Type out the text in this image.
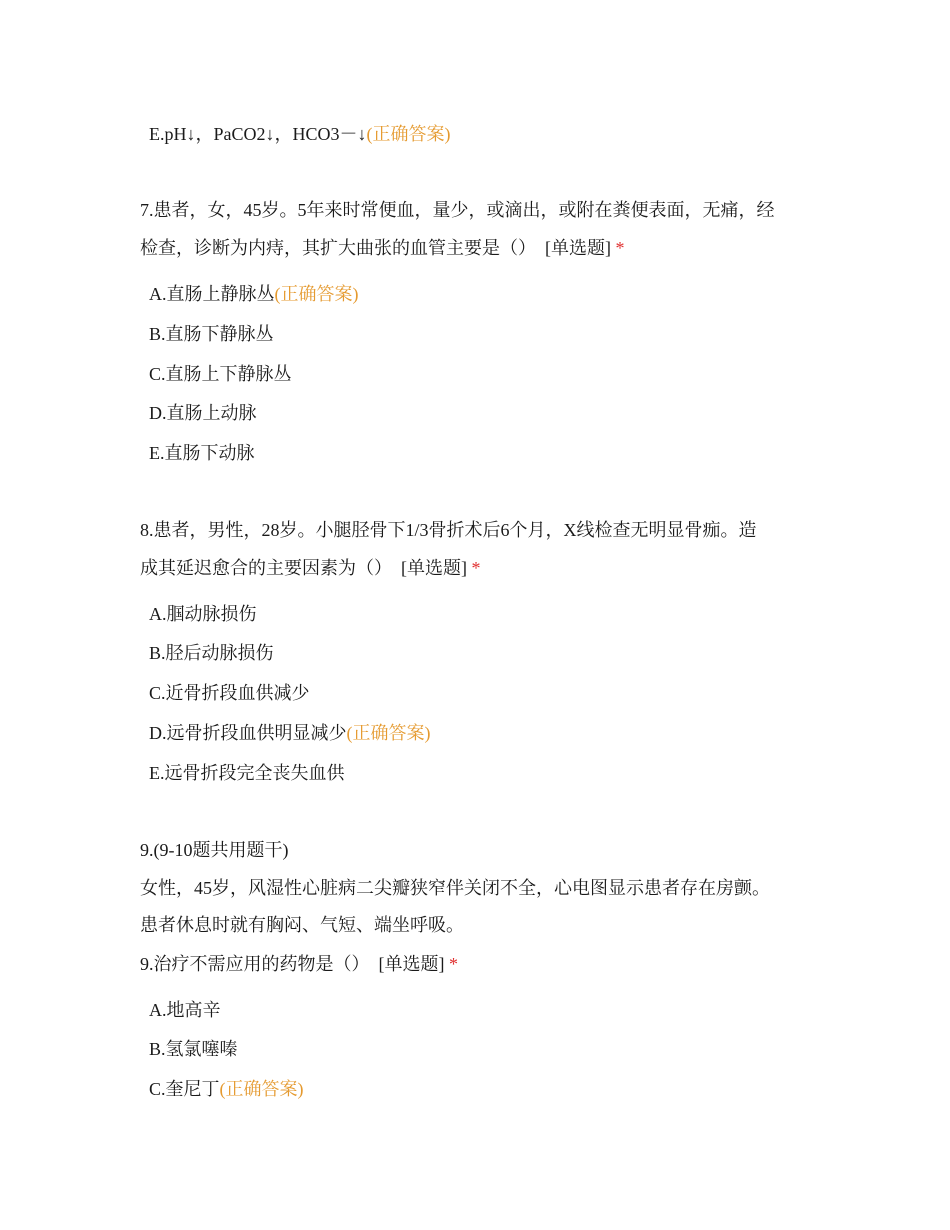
E.pH↓，PaCO2↓，HCO3－↓(正确答案)
7.患者，女，45岁。5年来时常便血，量少，或滴出，或附在粪便表面，无痛，经
检查，诊断为内痔，其扩大曲张的血管主要是（） [单选题] *
A.直肠上静脉丛(正确答案)
B.直肠下静脉丛
C.直肠上下静脉丛
D.直肠上动脉
E.直肠下动脉
8.患者，男性，28岁。小腿胫骨下1/3骨折术后6个月，X线检查无明显骨痂。造
成其延迟愈合的主要因素为（） [单选题] *
A.腘动脉损伤
B.胫后动脉损伤
C.近骨折段血供减少
D.远骨折段血供明显减少(正确答案)
E.远骨折段完全丧失血供
9.(9-10题共用题干)
女性，45岁，风湿性心脏病二尖瓣狭窄伴关闭不全，心电图显示患者存在房颤。
患者休息时就有胸闷、气短、端坐呼吸。
9.治疗不需应用的药物是（） [单选题] *
A.地高辛
B.氢氯噻嗪
C.奎尼丁(正确答案)
